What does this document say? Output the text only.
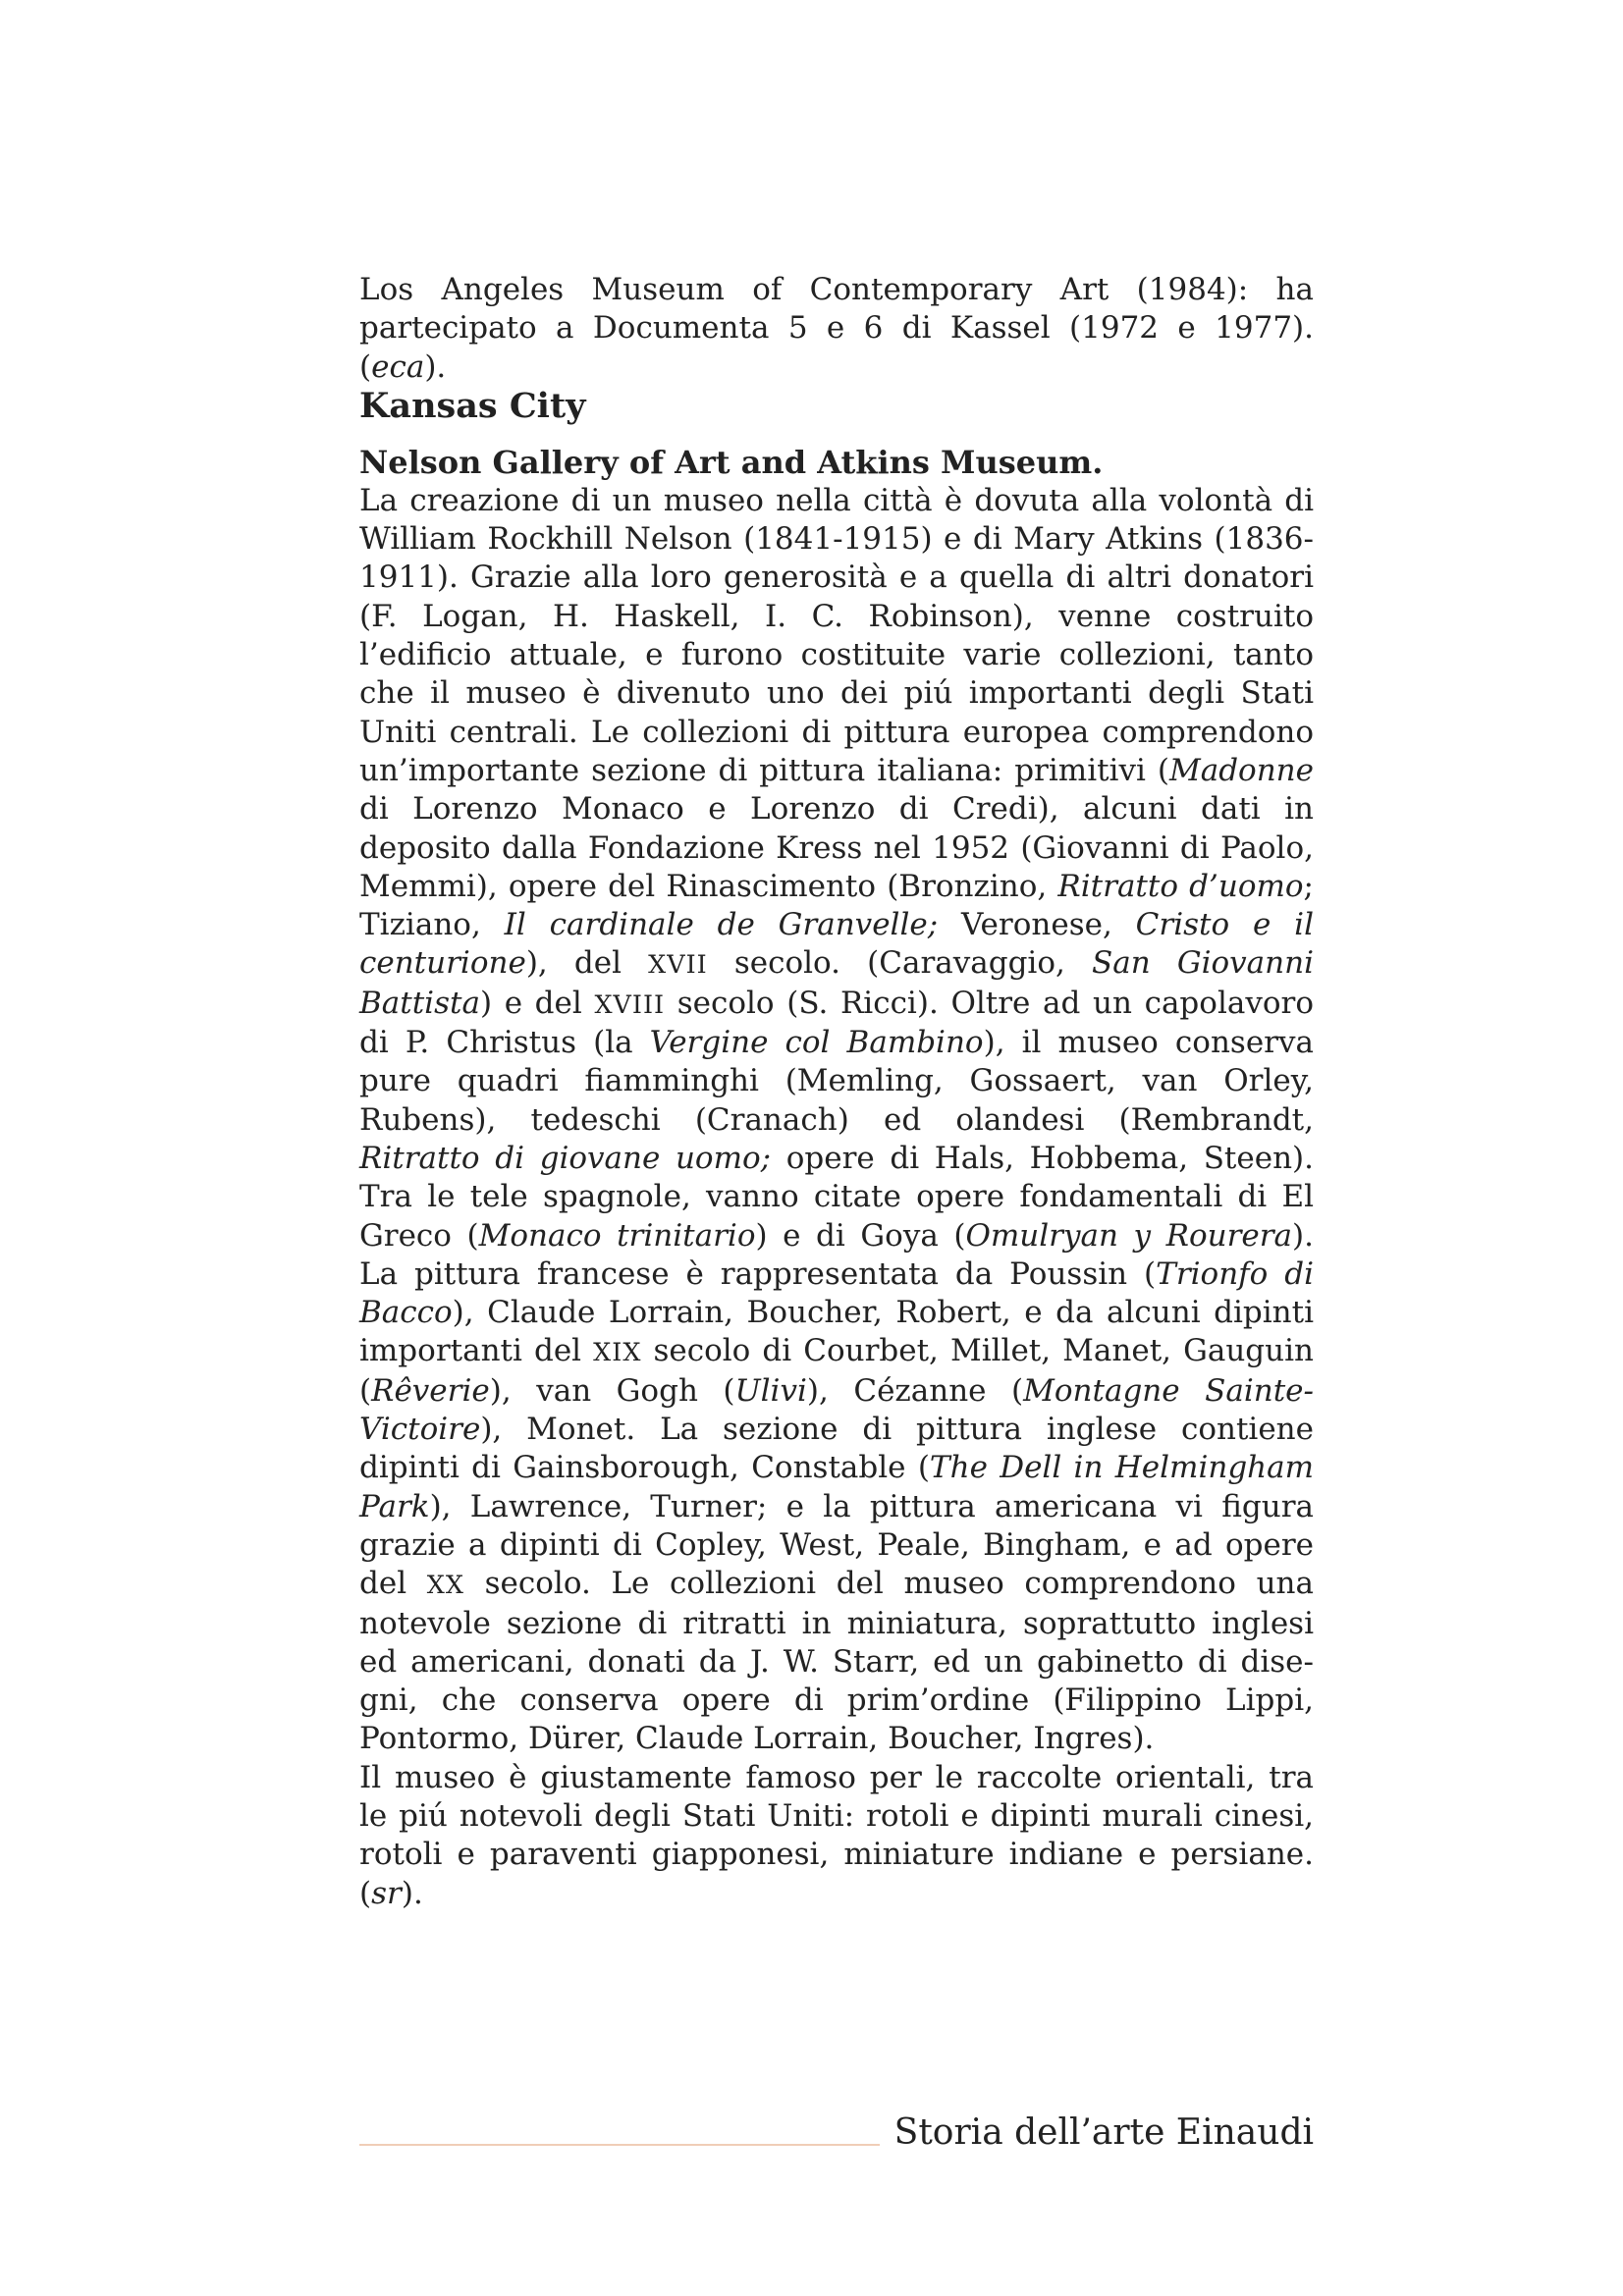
Los Angeles Museum of Contemporary Art (1984): ha partecipato a Documenta 5 e 6 di Kassel (1972 e 1977). (eca).

Kansas City
Nelson Gallery of Art and Atkins Museum.

La creazione di un museo nella città è dovuta alla volontà di William Rockhill Nelson (1841-1915) e di Mary Atkins (1836-1911). Grazie alla loro generosità e a quella di altri donatori (F. Logan, H. Haskell, I. C. Robinson), venne costruito l’edificio attuale, e furono costituite varie collezioni, tanto che il museo è divenuto uno dei piú importanti degli Stati Uniti centrali. Le collezioni di pittura europea comprendono un’importante sezione di pittura italiana: primitivi (Madonne di Lorenzo Monaco e Lorenzo di Credi), alcuni dati in deposito dalla Fondazione Kress nel 1952 (Giovanni di Paolo, Memmi), opere del Rinascimento (Bronzino, Ritratto d’uomo; Tiziano, Il cardinale de Granvelle; Veronese, Cristo e il centurione), del XVII secolo. (Caravaggio, San Giovanni Battista) e del XVIII secolo (S. Ricci). Oltre ad un capolavoro di P. Christus (la Vergine col Bambino), il museo conserva pure quadri fiamminghi (Memling, Gossaert, van Orley, Rubens), tedeschi (Cranach) ed olandesi (Rembrandt, Ritratto di giovane uomo; opere di Hals, Hobbema, Steen). Tra le tele spagnole, vanno citate opere fondamentali di El Greco (Monaco trinitario) e di Goya (Omulryan y Rourera). La pittura francese è rappresentata da Poussin (Trionfo di Bacco), Claude Lorrain, Boucher, Robert, e da alcuni dipinti importanti del XIX secolo di Courbet, Millet, Manet, Gauguin (Rêverie), van Gogh (Ulivi), Cézanne (Montagne Sainte-Victoire), Monet. La sezione di pittura inglese contiene dipinti di Gainsborough, Constable (The Dell in Helmingham Park), Lawrence, Turner; e la pittura americana vi figura grazie a dipinti di Copley, West, Peale, Bingham, e ad opere del XX secolo. Le collezioni del museo comprendono una notevole sezione di ritratti in miniatura, soprattutto inglesi ed americani, donati da J. W. Starr, ed un gabinetto di disegni, che conserva opere di prim’ordine (Filippino Lippi, Pontormo, Dürer, Claude Lorrain, Boucher, Ingres).

Il museo è giustamente famoso per le raccolte orientali, tra le piú notevoli degli Stati Uniti: rotoli e dipinti murali cinesi, rotoli e paraventi giapponesi, miniature indiane e persiane. (sr).

Storia dell’arte Einaudi
